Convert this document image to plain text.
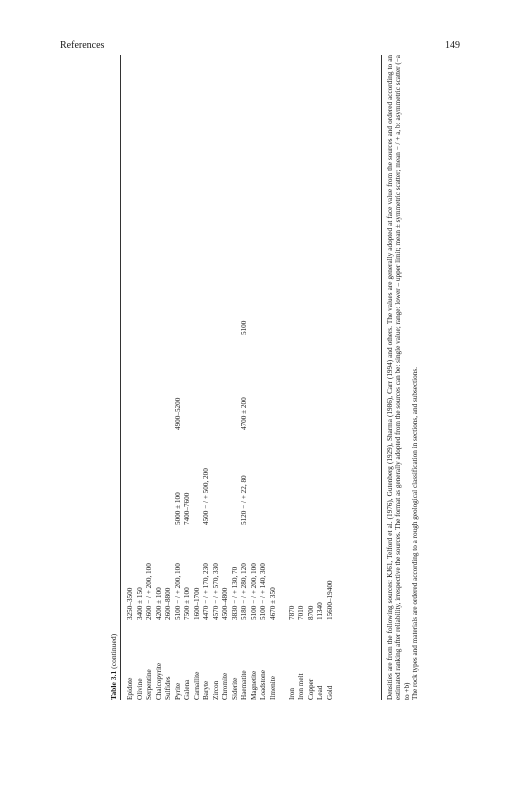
References	149
Table 3.1 (continued)
Epidote
3250–3500
Olivine
3400 ± 150
Serpentine
2600 − / + 200, 100
Chalcopyrite
4200 ± 100
Sulfides
2600–8800
Pyrite
5100 − / + 200, 100
5000 ± 100
4900–5200
Galena
7500 ± 100
7400–7600
Carnallite
1600–1700
Baryte
4470 − / + 170, 230
4500 − / + 500, 200
Zircon
4570 − / + 570, 330
Chromite
4500–4800
Siderite
3830 − / + 130, 70
Haematite
5180 − / + 280, 120
5120 − / + 22, 80
4700 ± 200
5100
Magnetite
5100 − / + 200, 100
Loadstone
5100 − / + 140, 300
Ilmenite
4670 ± 350
Iron
7870
Iron melt
7010
Copper
8700
Lead
11340
Gold
15600–19400	Densities are from the following sources: KJ61, Telford et al. (1976), Gutenberg (1929), Sharma (1986), Carr (1994) and others. The values are generally adopted at face value from the sources and ordered according to an estimated ranking after reliability, irrespective the sources. The format as generally adopted from the sources can be: single value; range: lower – upper limit; mean ± symmetric scatter; mean − / + a, b: asymmetric scatter (−a to +b) The rock types and materials are ordered according to a rough geological classification in sections, and subsections.
